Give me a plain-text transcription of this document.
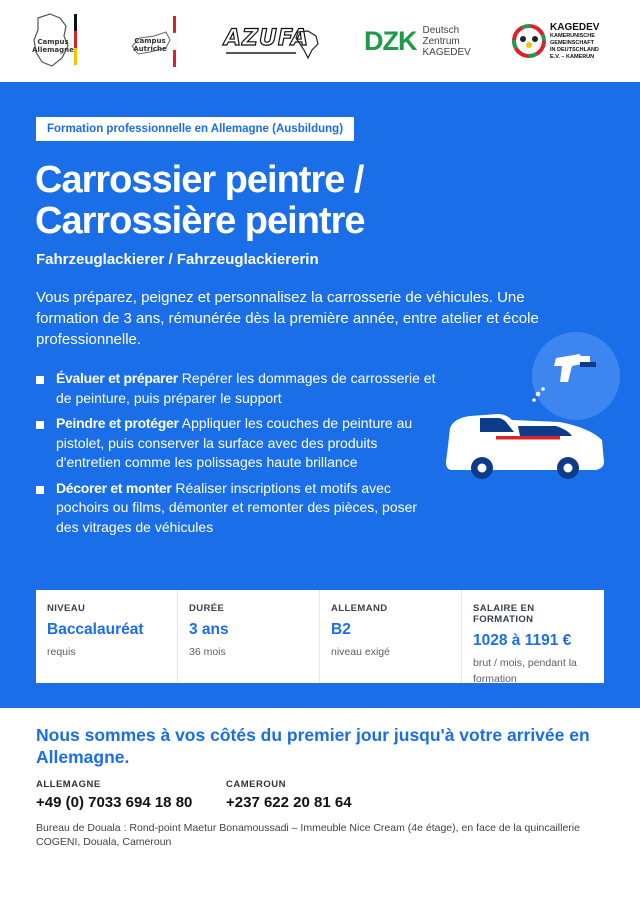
Campus Allemagne
Campus Autriche	AZUFA DZK Deutsch
Zentrum
KAGEDEV
KAGEDEV
KAMERUNISCHE
GEMEINSCHAFT
IN DEUTSCHLAND
E.V. – KAMERUN
Formation professionnelle en Allemagne (Ausbildung)
Carrossier peintre /
Carrossière peintre
Fahrzeuglackierer / Fahrzeuglackiererin
Vous préparez, peignez et personnalisez la carrosserie de véhicules. Une formation de 3 ans, rémunérée dès la première année, entre atelier et école professionnelle.
Évaluer et préparer Repérer les dommages de carrosserie et de peinture, puis préparer le support
Peindre et protéger Appliquer les couches de peinture au pistolet, puis conserver la surface avec des produits d'entretien comme les polissages haute brillance
Décorer et monter Réaliser inscriptions et motifs avec pochoirs ou films, démonter et remonter des pièces, poser des vitrages de véhicules
NIVEAU
Baccalauréat
requis
DURÉE
3 ans
36 mois
ALLEMAND
B2
niveau exigé
SALAIRE EN FORMATION
1028 à 1191 €
brut / mois, pendant la formation
Nous sommes à vos côtés du premier jour jusqu'à votre arrivée en Allemagne.
ALLEMAGNE
+49 (0) 7033 694 18 80
CAMEROUN
+237 622 20 81 64
Bureau de Douala : Rond-point Maetur Bonamoussadi – Immeuble Nice Cream (4e étage), en face de la quincaillerie COGENI, Douala, Cameroun
